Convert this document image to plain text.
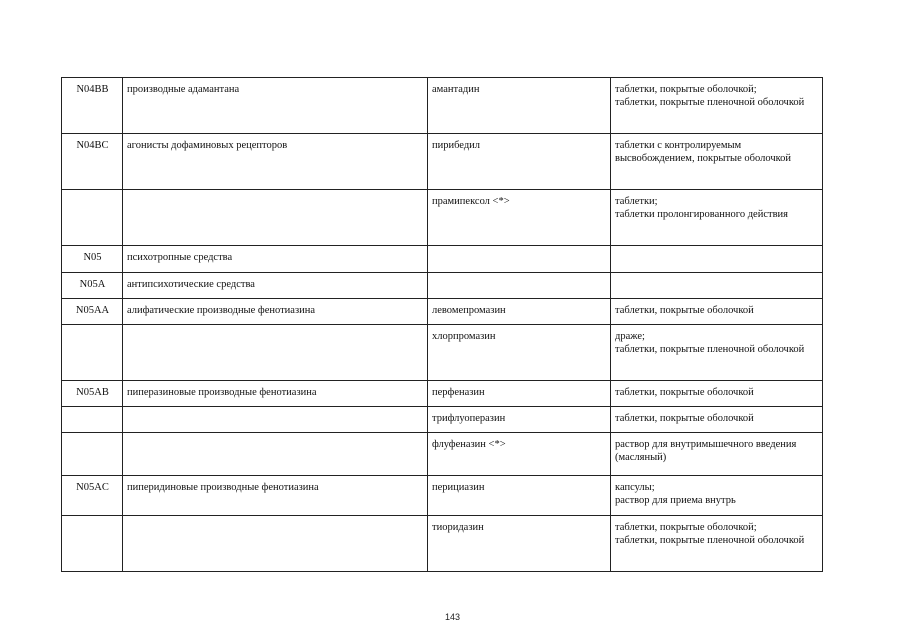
N04BB	производные адамантана	амантадин	таблетки, покрытые оболочкой;
таблетки, покрытые пленочной оболочкой
N04BC	агонисты дофаминовых рецепторов	пирибедил	таблетки с контролируемым высвобождением, покрытые оболочкой
		прамипексол <*>	таблетки;
таблетки пролонгированного действия
N05	психотропные средства		
N05A	антипсихотические средства		
N05AA	алифатические производные фенотиазина	левомепромазин	таблетки, покрытые оболочкой
		хлорпромазин	драже;
таблетки, покрытые пленочной оболочкой
N05AB	пиперазиновые производные фенотиазина	перфеназин	таблетки, покрытые оболочкой
		трифлуоперазин	таблетки, покрытые оболочкой
		флуфеназин <*>	раствор для внутримышечного введения (масляный)
N05AC	пиперидиновые производные фенотиазина	перициазин	капсулы;
раствор для приема внутрь
		тиоридазин	таблетки, покрытые оболочкой;
таблетки, покрытые пленочной оболочкой
143
